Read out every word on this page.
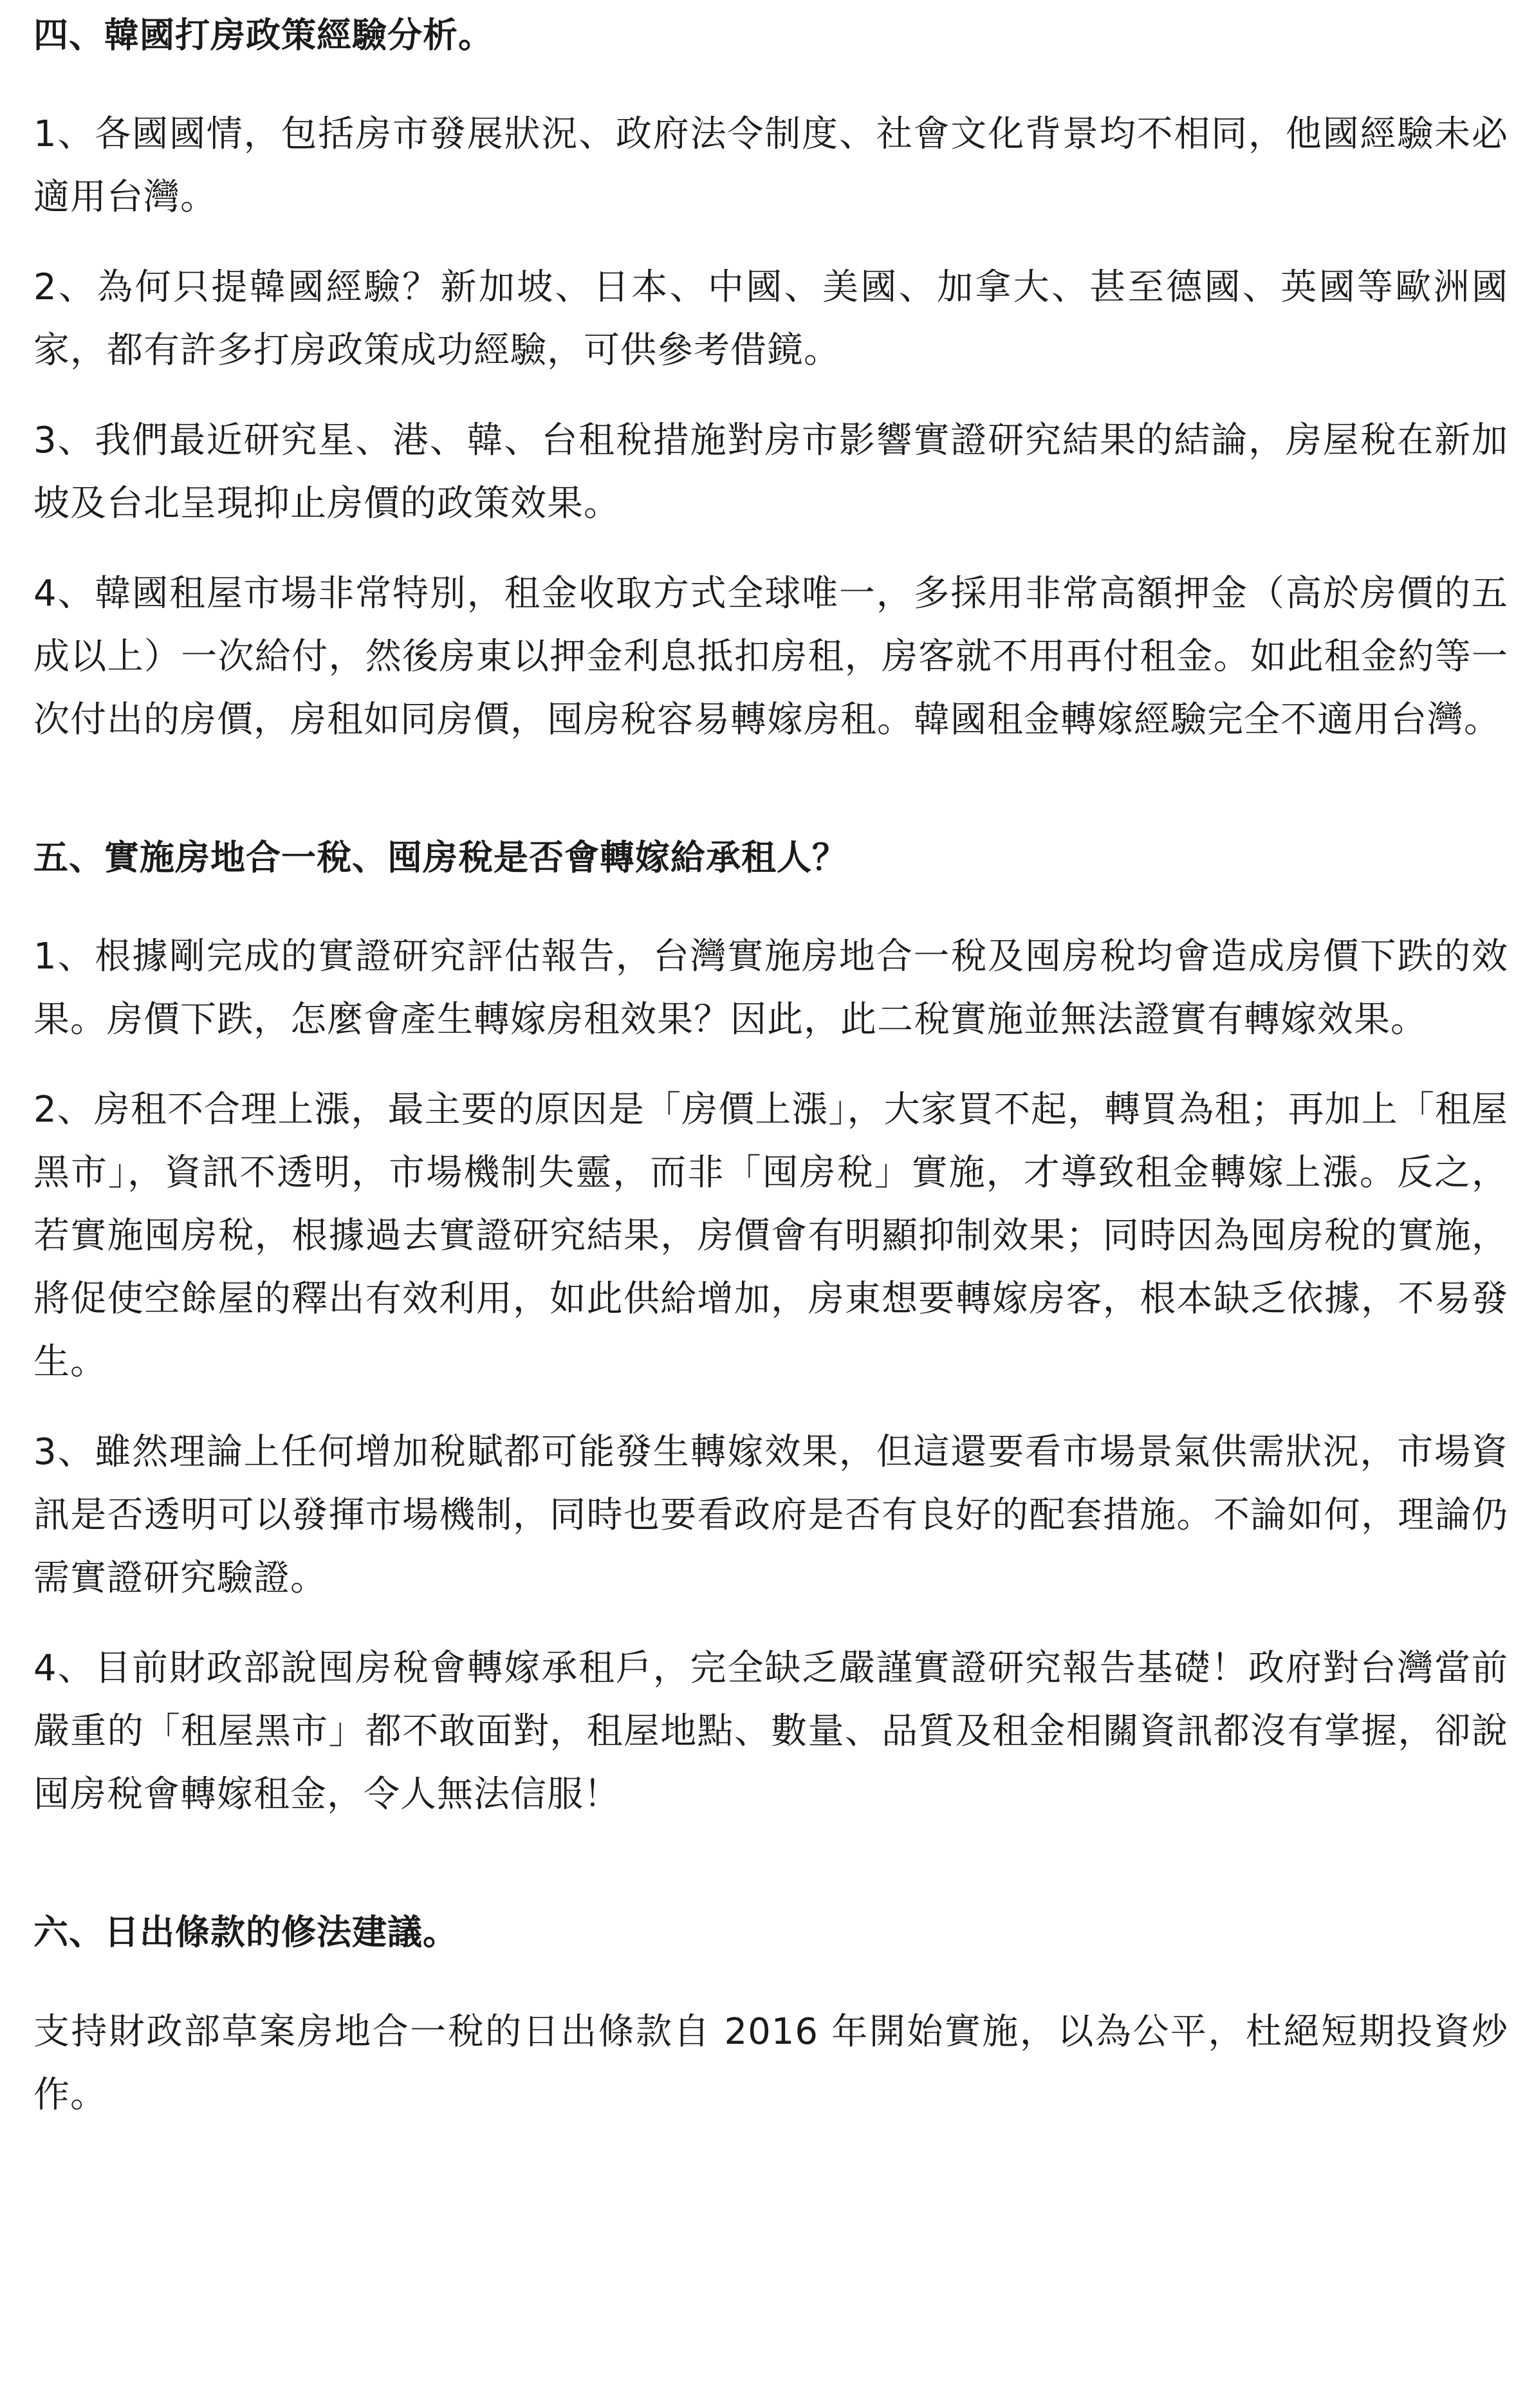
四、韓國打房政策經驗分析。

1、各國國情，包括房市發展狀況、政府法令制度、社會文化背景均不相同，他國經驗未必適用台灣。

2、為何只提韓國經驗？新加坡、日本、中國、美國、加拿大、甚至德國、英國等歐洲國家，都有許多打房政策成功經驗，可供參考借鏡。

3、我們最近研究星、港、韓、台租稅措施對房市影響實證研究結果的結論，房屋稅在新加坡及台北呈現抑止房價的政策效果。

4、韓國租屋市場非常特別，租金收取方式全球唯一，多採用非常高額押金（高於房價的五成以上）一次給付，然後房東以押金利息抵扣房租，房客就不用再付租金。如此租金約等一次付出的房價，房租如同房價，囤房稅容易轉嫁房租。韓國租金轉嫁經驗完全不適用台灣。

五、實施房地合一稅、囤房稅是否會轉嫁給承租人？

1、根據剛完成的實證研究評估報告，台灣實施房地合一稅及囤房稅均會造成房價下跌的效果。房價下跌，怎麼會產生轉嫁房租效果？因此，此二稅實施並無法證實有轉嫁效果。

2、房租不合理上漲，最主要的原因是「房價上漲」，大家買不起，轉買為租；再加上「租屋黑市」，資訊不透明，市場機制失靈，而非「囤房稅」實施，才導致租金轉嫁上漲。反之，若實施囤房稅，根據過去實證研究結果，房價會有明顯抑制效果；同時因為囤房稅的實施，將促使空餘屋的釋出有效利用，如此供給增加，房東想要轉嫁房客，根本缺乏依據，不易發生。

3、雖然理論上任何增加稅賦都可能發生轉嫁效果，但這還要看市場景氣供需狀況，市場資訊是否透明可以發揮市場機制，同時也要看政府是否有良好的配套措施。不論如何，理論仍需實證研究驗證。

4、目前財政部說囤房稅會轉嫁承租戶，完全缺乏嚴謹實證研究報告基礎！政府對台灣當前嚴重的「租屋黑市」都不敢面對，租屋地點、數量、品質及租金相關資訊都沒有掌握，卻說囤房稅會轉嫁租金，令人無法信服！

六、日出條款的修法建議。

支持財政部草案房地合一稅的日出條款自 2016 年開始實施，以為公平，杜絕短期投資炒作。
